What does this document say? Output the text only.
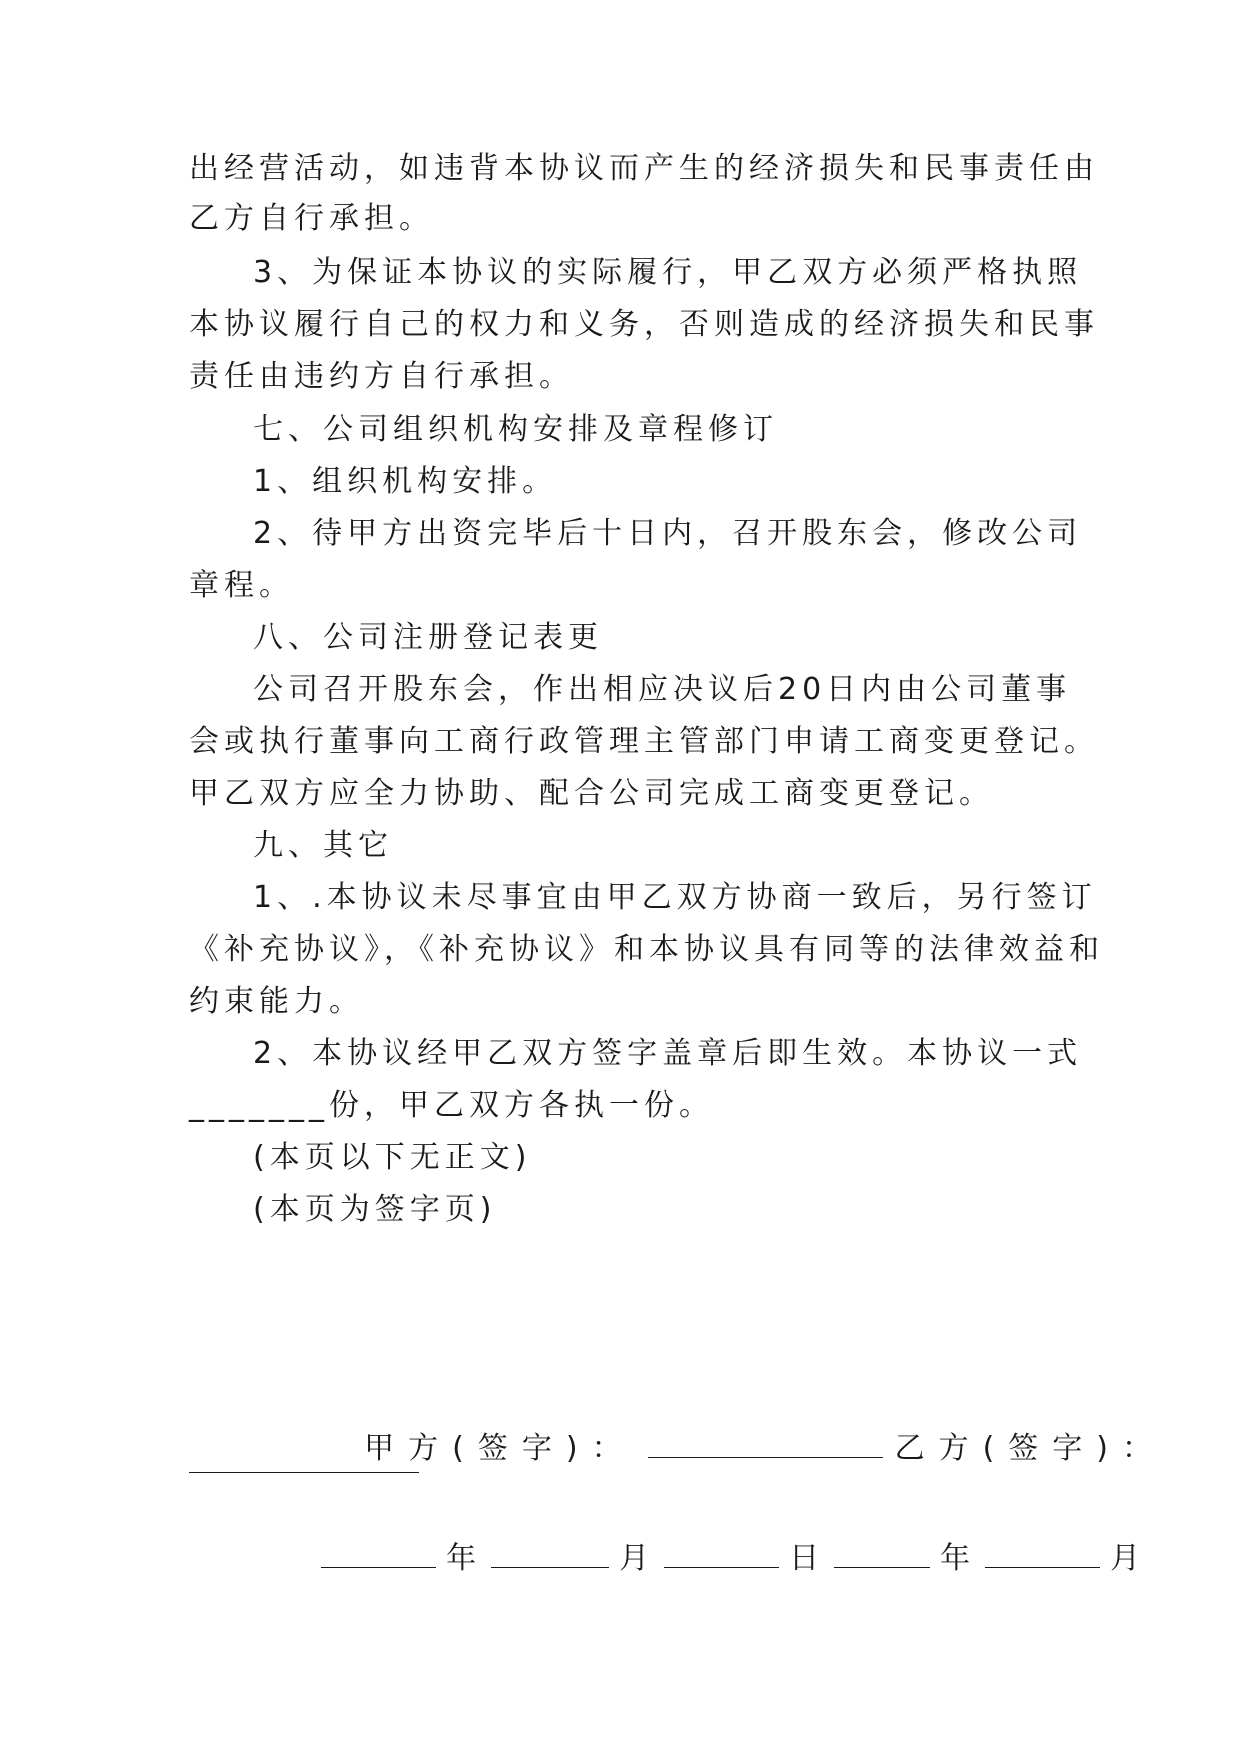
出经营活动，如违背本协议而产生的经济损失和民事责任由
乙方自行承担。
3、为保证本协议的实际履行，甲乙双方必须严格执照
本协议履行自己的权力和义务，否则造成的经济损失和民事
责任由违约方自行承担。
七、公司组织机构安排及章程修订
1、组织机构安排。
2、待甲方出资完毕后十日内，召开股东会，修改公司
章程。
八、公司注册登记表更
公司召开股东会，作出相应决议后20日内由公司董事
会或执行董事向工商行政管理主管部门申请工商变更登记。
甲乙双方应全力协助、配合公司完成工商变更登记。
九、其它
1、.本协议未尽事宜由甲乙双方协商一致后，另行签订
《补充协议》，《补充协议》和本协议具有同等的法律效益和
约束能力。
2、本协议经甲乙双方签字盖章后即生效。本协议一式
_______份，甲乙双方各执一份。
(本页以下无正文)
(本页为签字页)

甲方(签字)：	乙方(签字)：

年	月	日	年	月
